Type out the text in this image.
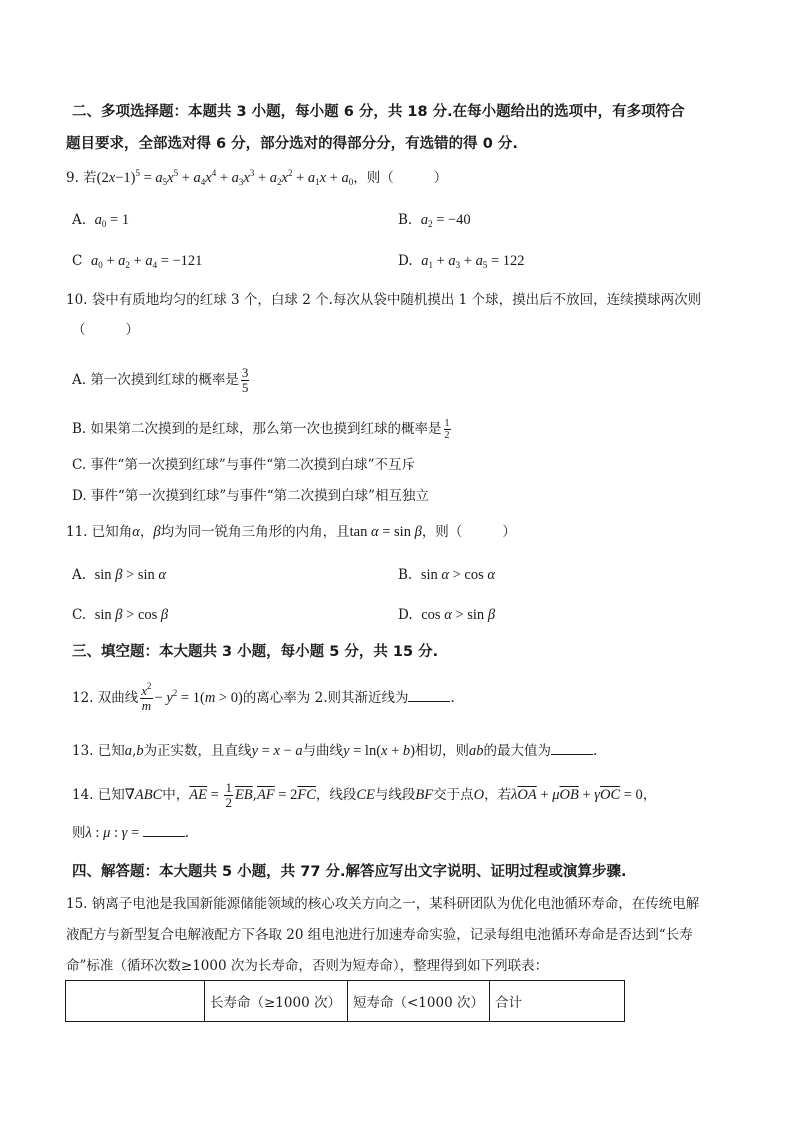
二、多项选择题：本题共 3 小题，每小题 6 分，共 18 分.在每小题给出的选项中，有多项符合
题目要求，全部选对得 6 分，部分选对的得部分分，有选错的得 0 分.
9. 若$(2x-1)^5 = a_5x^5 + a_4x^4 + a_3x^3 + a_2x^2 + a_1x + a_0$，则（	）
A. $a_0 = 1$	B. $a_2 = -40$
C $a_0 + a_2 + a_4 = -121$	D. $a_1 + a_3 + a_5 = 122$
10. 袋中有质地均匀的红球 3 个，白球 2 个.每次从袋中随机摸出 1 个球，摸出后不放回，连续摸球两次则
（	）
A. 第一次摸到红球的概率是 $\frac{3}{5}$
B. 如果第二次摸到的是红球，那么第一次也摸到红球的概率是 $\frac{1}{2}$
C. 事件“第一次摸到红球”与事件“第二次摸到白球”不互斥
D. 事件“第一次摸到红球”与事件“第二次摸到白球”相互独立
11. 已知角α，β均为同一锐角三角形的内角，且tan α = sin β，则（	）
A. sin β > sin α	B. sin α > cos α
C. sin β > cos β	D. cos α > sin β
三、填空题：本大题共 3 小题，每小题 5 分，共 15 分.
12. 双曲线 $\frac{x^2}{m} - y^2 = 1(m > 0)$的离心率为 2.则其渐近线为	.
13. 已知a,b为正实数，且直线y = x − a与曲线y = ln(x + b)相切，则ab的最大值为	.
14. 已知∇ABC中，$\overline{AE} = \frac{1}{2} \overline{EB},\overline{AF} = 2\overline{FC}$，线段CE与线段BF交于点O，若$\lambda\overline{OA} + \mu\overline{OB} + \gamma\overline{OC} = 0$，
则λ : μ : γ =	.
四、解答题：本大题共 5 小题，共 77 分.解答应写出文字说明、证明过程或演算步骤.
15. 钠离子电池是我国新能源储能领域的核心攻关方向之一，某科研团队为优化电池循环寿命，在传统电解
液配方与新型复合电解液配方下各取 20 组电池进行加速寿命实验，记录每组电池循环寿命是否达到“长寿
命”标准（循环次数≥1000 次为长寿命，否则为短寿命），整理得到如下列联表：
	长寿命（≥1000 次）	短寿命（<1000 次）	合计
